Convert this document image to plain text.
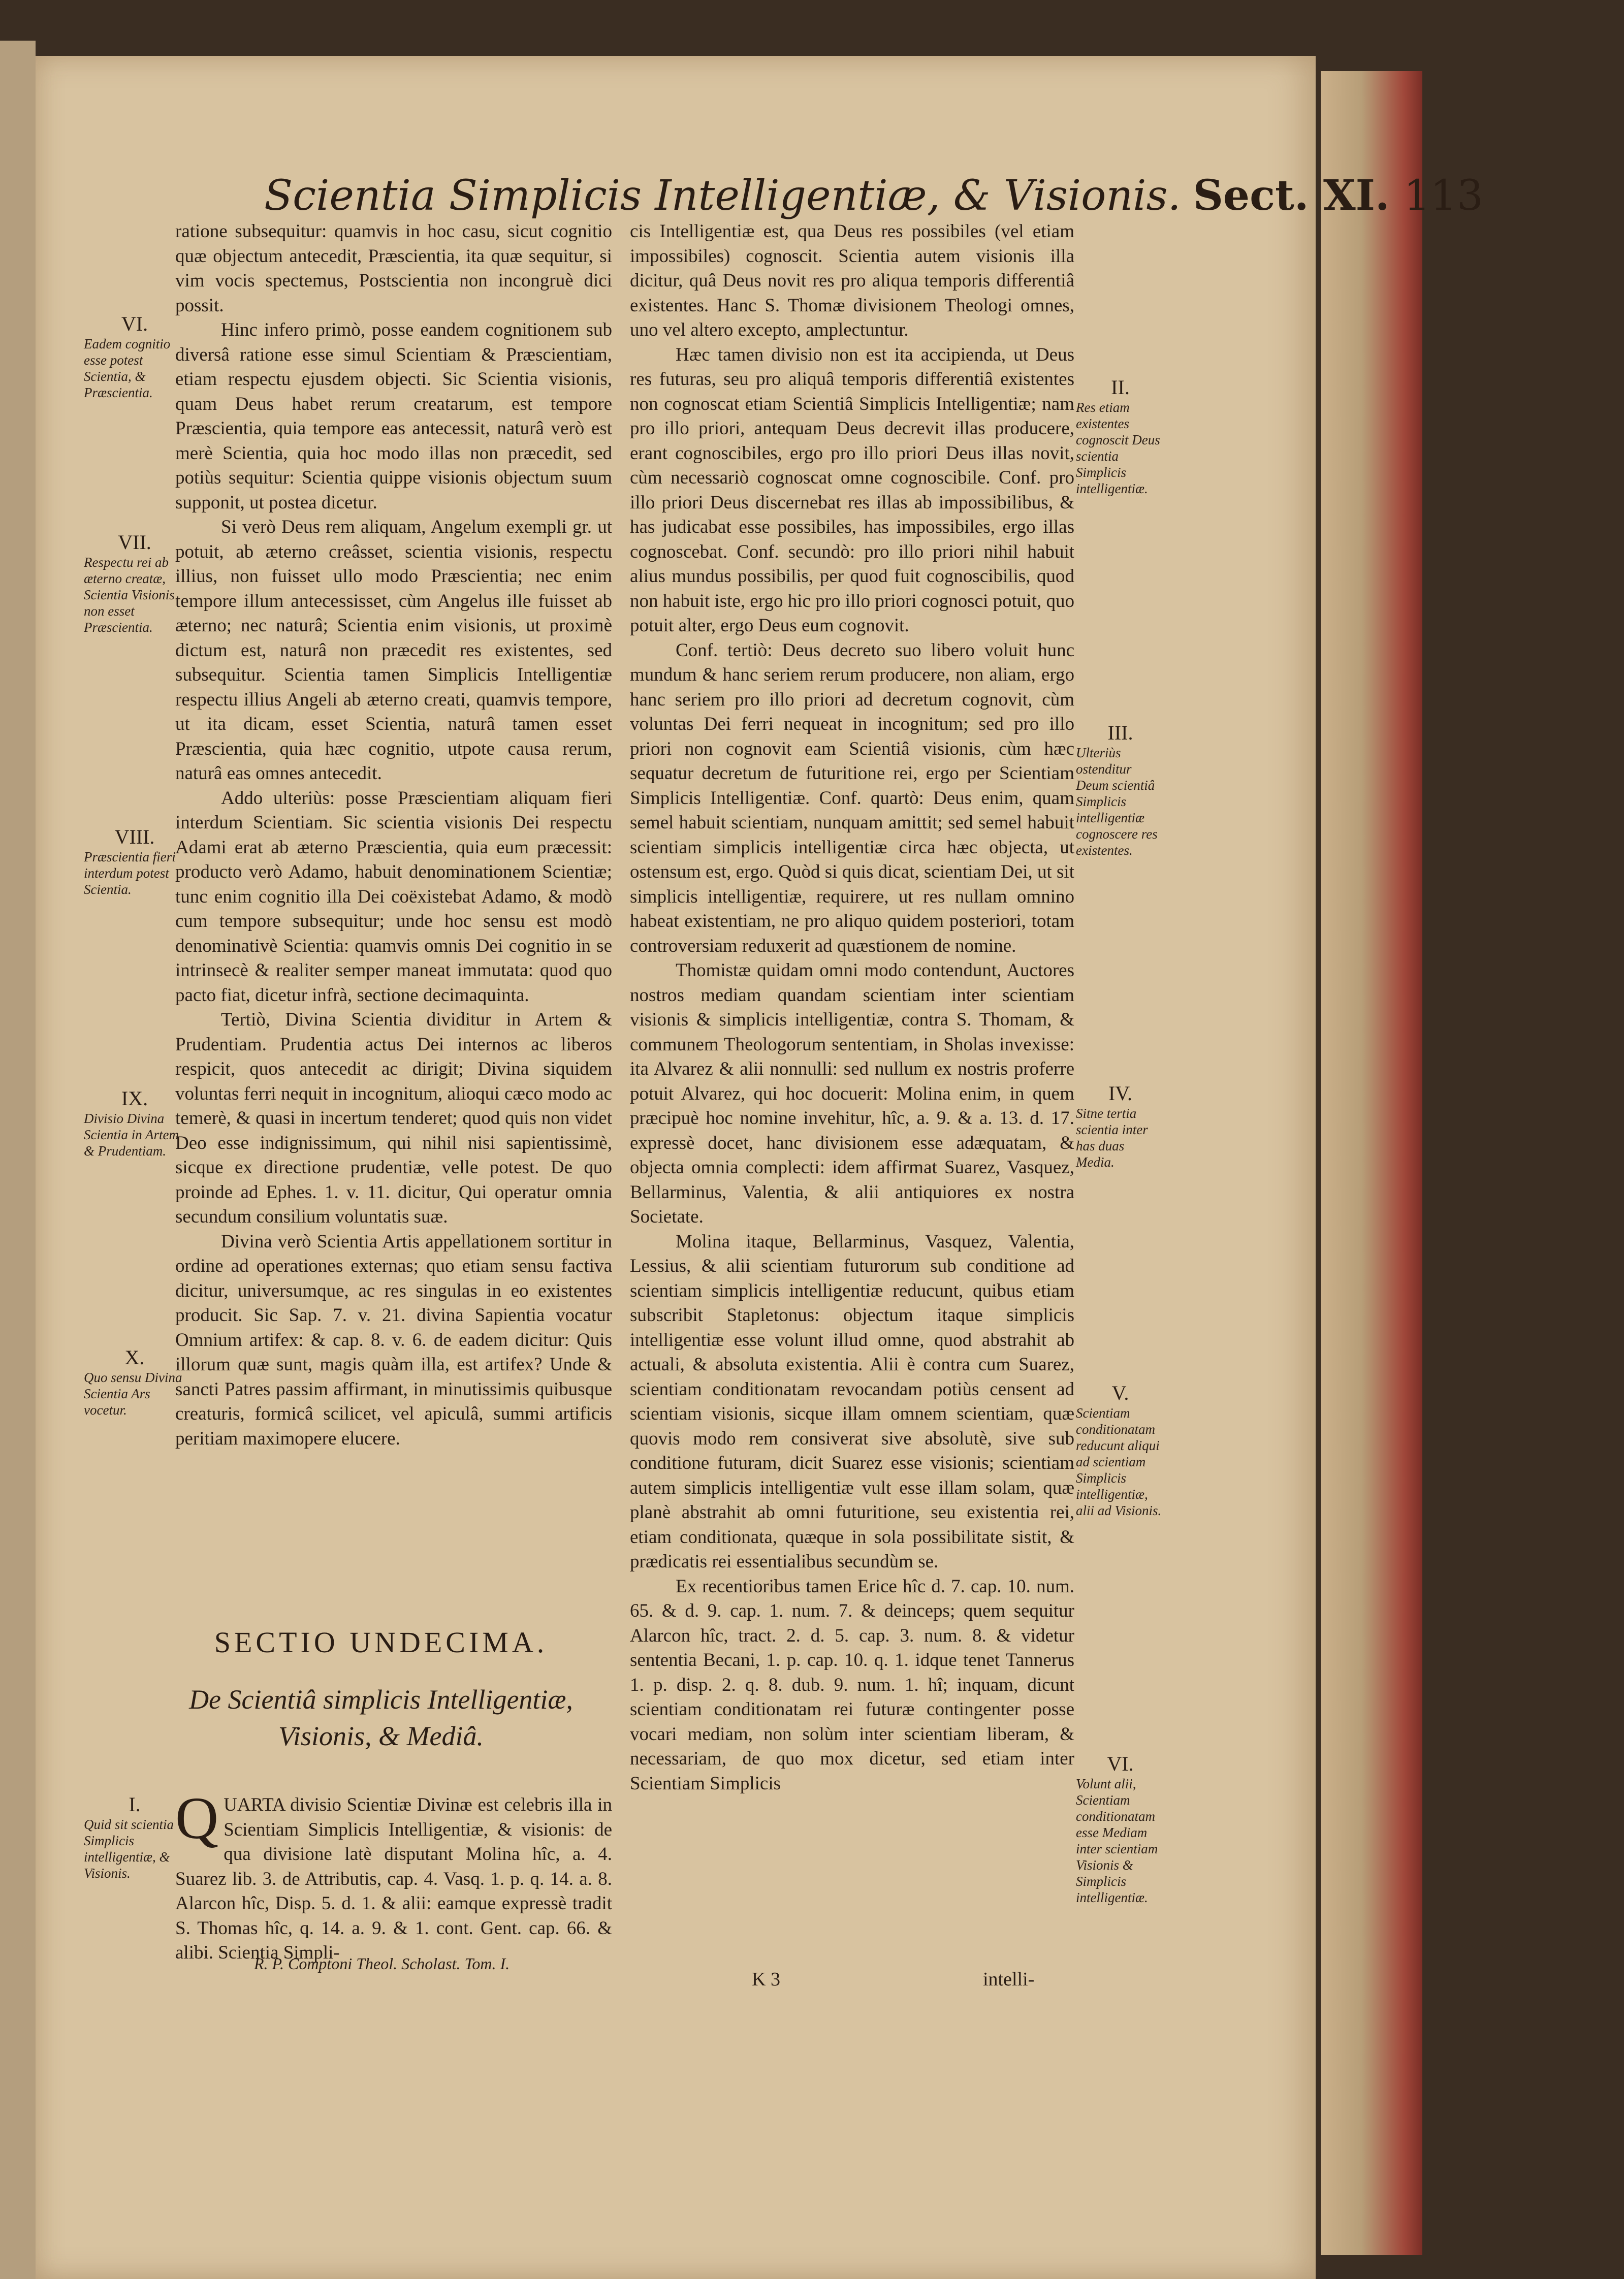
Scientia Simplicis Intelligentiæ, & Visionis. Sect. XI. 113

ratione subsequitur: quamvis in hoc casu, sicut cognitio quæ objectum antecedit, Præscientia, ita quæ sequitur, si vim vocis spectemus, Postscientia non incongruè dici possit.

Hinc infero primò, posse eandem cognitionem sub diversâ ratione esse simul Scientiam & Præscientiam, etiam respectu ejusdem objecti. Sic Scientia visionis, quam Deus habet rerum creatarum, est tempore Præscientia, quia tempore eas antecessit, naturâ verò est merè Scientia, quia hoc modo illas non præcedit, sed potiùs sequitur: Scientia quippe visionis objectum suum supponit, ut postea dicetur.

Si verò Deus rem aliquam, Angelum exempli gr. ut potuit, ab æterno creâsset, scientia visionis, respectu illius, non fuisset ullo modo Præscientia; nec enim tempore illum antecessisset, cùm Angelus ille fuisset ab æterno; nec naturâ; Scientia enim visionis, ut proximè dictum est, naturâ non præcedit res existentes, sed subsequitur. Scientia tamen Simplicis Intelligentiæ respectu illius Angeli ab æterno creati, quamvis tempore, ut ita dicam, esset Scientia, naturâ tamen esset Præscientia, quia hæc cognitio, utpote causa rerum, naturâ eas omnes antecedit.

Addo ulteriùs: posse Præscientiam aliquam fieri interdum Scientiam. Sic scientia visionis Dei respectu Adami erat ab æterno Præscientia, quia eum præcessit: producto verò Adamo, habuit denominationem Scientiæ; tunc enim cognitio illa Dei coëxistebat Adamo, & modò cum tempore subsequitur; unde hoc sensu est modò denominativè Scientia: quamvis omnis Dei cognitio in se intrinsecè & realiter semper maneat immutata: quod quo pacto fiat, dicetur infrà, sectione decimaquinta.

Tertiò, Divina Scientia dividitur in Artem & Prudentiam. Prudentia actus Dei internos ac liberos respicit, quos antecedit ac dirigit; Divina siquidem voluntas ferri nequit in incognitum, alioqui cæco modo ac temerè, & quasi in incertum tenderet; quod quis non videt Deo esse indignissimum, qui nihil nisi sapientissimè, sicque ex directione prudentiæ, velle potest. De quo proinde ad Ephes. 1. v. 11. dicitur, Qui operatur omnia secundum consilium voluntatis suæ.

Divina verò Scientia Artis appellationem sortitur in ordine ad operationes externas; quo etiam sensu factiva dicitur, universumque, ac res singulas in eo existentes producit. Sic Sap. 7. v. 21. divina Sapientia vocatur Omnium artifex: & cap. 8. v. 6. de eadem dicitur: Quis illorum quæ sunt, magis quàm illa, est artifex? Unde & sancti Patres passim affirmant, in minutissimis quibusque creaturis, formicâ scilicet, vel apiculâ, summi artificis peritiam maximopere elucere.

VI.
Eadem cognitio esse potest Scientia, & Præscientia.
VII.
Respectu rei ab æterno creatæ, Scientia Visionis non esset Præscientia.
VIII.
Præscientia fieri interdum potest Scientia.
IX.
Divisio Divina Scientia in Artem & Prudentiam.
X.
Quo sensu Divina Scientia Ars vocetur.
I.
Quid sit scientia Simplicis intelligentiæ, & Visionis.
SECTIO UNDECIMA.
De Scientiâ simplicis Intelligentiæ, Visionis, & Mediâ.

QUARTA divisio Scientiæ Divinæ est celebris illa in Scientiam Simplicis Intelligentiæ, & visionis: de qua divisione latè disputant Molina hîc, a. 4. Suarez lib. 3. de Attributis, cap. 4. Vasq. 1. p. q. 14. a. 8. Alarcon hîc, Disp. 5. d. 1. & alii: eamque expressè tradit S. Thomas hîc, q. 14. a. 9. & 1. cont. Gent. cap. 66. & alibi. Scientia Simpli-

R. P. Comptoni Theol. Scholast. Tom. I.
K 3	intelli-

cis Intelligentiæ est, qua Deus res possibiles (vel etiam impossibiles) cognoscit. Scientia autem visionis illa dicitur, quâ Deus novit res pro aliqua temporis differentiâ existentes. Hanc S. Thomæ divisionem Theologi omnes, uno vel altero excepto, amplectuntur.

Hæc tamen divisio non est ita accipienda, ut Deus res futuras, seu pro aliquâ temporis differentiâ existentes non cognoscat etiam Scientiâ Simplicis Intelligentiæ; nam pro illo priori, antequam Deus decrevit illas producere, erant cognoscibiles, ergo pro illo priori Deus illas novit, cùm necessariò cognoscat omne cognoscibile. Conf. pro illo priori Deus discernebat res illas ab impossibilibus, & has judicabat esse possibiles, has impossibiles, ergo illas cognoscebat. Conf. secundò: pro illo priori nihil habuit alius mundus possibilis, per quod fuit cognoscibilis, quod non habuit iste, ergo hic pro illo priori cognosci potuit, quo potuit alter, ergo Deus eum cognovit.

Conf. tertiò: Deus decreto suo libero voluit hunc mundum & hanc seriem rerum producere, non aliam, ergo hanc seriem pro illo priori ad decretum cognovit, cùm voluntas Dei ferri nequeat in incognitum; sed pro illo priori non cognovit eam Scientiâ visionis, cùm hæc sequatur decretum de futuritione rei, ergo per Scientiam Simplicis Intelligentiæ. Conf. quartò: Deus enim, quam semel habuit scientiam, nunquam amittit; sed semel habuit scientiam simplicis intelligentiæ circa hæc objecta, ut ostensum est, ergo. Quòd si quis dicat, scientiam Dei, ut sit simplicis intelligentiæ, requirere, ut res nullam omnino habeat existentiam, ne pro aliquo quidem posteriori, totam controversiam reduxerit ad quæstionem de nomine.

Thomistæ quidam omni modo contendunt, Auctores nostros mediam quandam scientiam inter scientiam visionis & simplicis intelligentiæ, contra S. Thomam, & communem Theologorum sententiam, in Sholas invexisse: ita Alvarez & alii nonnulli: sed nullum ex nostris proferre potuit Alvarez, qui hoc docuerit: Molina enim, in quem præcipuè hoc nomine invehitur, hîc, a. 9. & a. 13. d. 17. expressè docet, hanc divisionem esse adæquatam, & objecta omnia complecti: idem affirmat Suarez, Vasquez, Bellarminus, Valentia, & alii antiquiores ex nostra Societate.

Molina itaque, Bellarminus, Vasquez, Valentia, Lessius, & alii scientiam futurorum sub conditione ad scientiam simplicis intelligentiæ reducunt, quibus etiam subscribit Stapletonus: objectum itaque simplicis intelligentiæ esse volunt illud omne, quod abstrahit ab actuali, & absoluta existentia. Alii è contra cum Suarez, scientiam conditionatam revocandam potiùs censent ad scientiam visionis, sicque illam omnem scientiam, quæ quovis modo rem consiverat sive absolutè, sive sub conditione futuram, dicit Suarez esse visionis; scientiam autem simplicis intelligentiæ vult esse illam solam, quæ planè abstrahit ab omni futuritione, seu existentia rei, etiam conditionata, quæque in sola possibilitate sistit, & prædicatis rei essentialibus secundùm se.

Ex recentioribus tamen Erice hîc d. 7. cap. 10. num. 65. & d. 9. cap. 1. num. 7. & deinceps; quem sequitur Alarcon hîc, tract. 2. d. 5. cap. 3. num. 8. & videtur sententia Becani, 1. p. cap. 10. q. 1. idque tenet Tannerus 1. p. disp. 2. q. 8. dub. 9. num. 1. hî; inquam, dicunt scientiam conditionatam rei futuræ contingenter posse vocari mediam, non solùm inter scientiam liberam, & necessariam, de quo mox dicetur, sed etiam inter Scientiam Simplicis

II.
Res etiam existentes cognoscit Deus scientia Simplicis intelligentiæ.
III.
Ulteriùs ostenditur Deum scientiâ Simplicis intelligentiæ cognoscere res existentes.
IV.
Sitne tertia scientia inter has duas Media.
V.
Scientiam conditionatam reducunt aliqui ad scientiam Simplicis intelligentiæ, alii ad Visionis.
VI.
Volunt alii, Scientiam conditionatam esse Mediam inter scientiam Visionis & Simplicis intelligentiæ.
